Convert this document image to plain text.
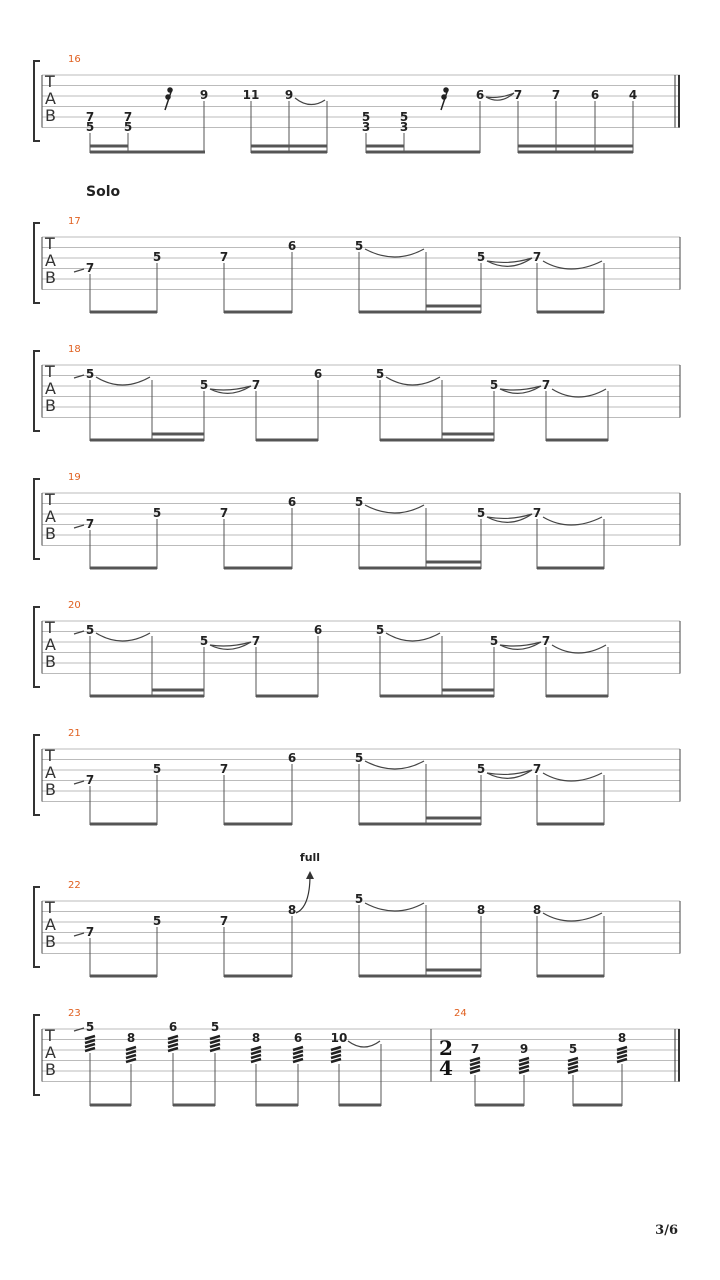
T
A
B
16
7
5
7
5
9	11 9
5
3
5
3
6 7 7	6 4
Solo
T
A
B
17
7
5	7
6	5
5	7
T
A
B
18
5
5	7
6	5
5	7
T
A
B
19
7
5	7
6	5
5	7
T
A
B
20
5
5	7
6	5
5	7
T
A
B
21
7
5	7
6	5
5	7
T
A
B
22
full
7
5	7
8
5
8	8
T
A
B
23	24
2
4
5
8
6	5
8	6 10
7	9	5
8
3/6
